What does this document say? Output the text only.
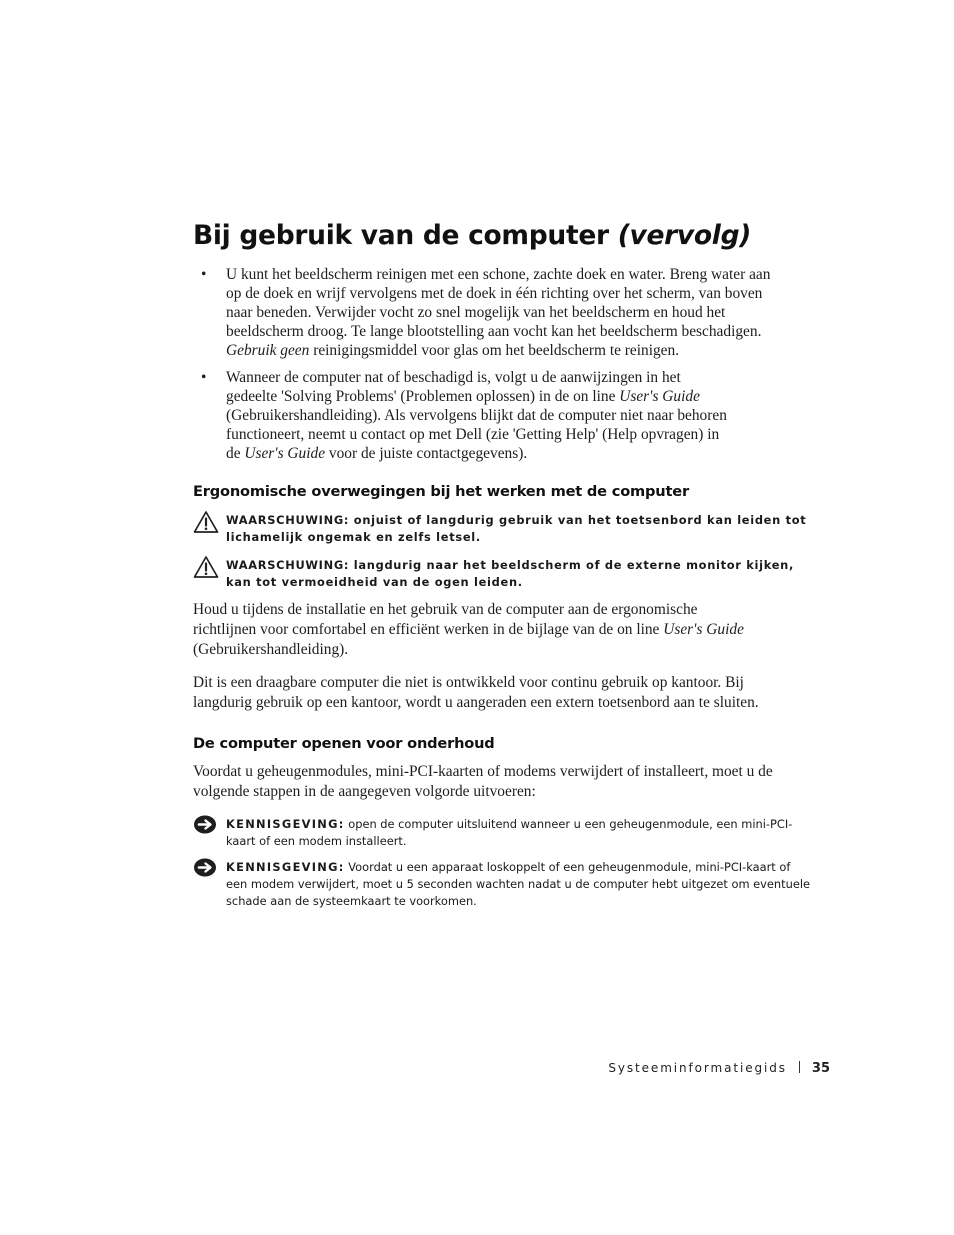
Bij gebruik van de computer (vervolg)
• U kunt het beeldscherm reinigen met een schone, zachte doek en water. Breng water aan
op de doek en wrijf vervolgens met de doek in één richting over het scherm, van boven
naar beneden. Verwijder vocht zo snel mogelijk van het beeldscherm en houd het
beeldscherm droog. Te lange blootstelling aan vocht kan het beeldscherm beschadigen.
Gebruik geen reinigingsmiddel voor glas om het beeldscherm te reinigen.
• Wanneer de computer nat of beschadigd is, volgt u de aanwijzingen in het
gedeelte 'Solving Problems' (Problemen oplossen) in de on line User's Guide
(Gebruikershandleiding). Als vervolgens blijkt dat de computer niet naar behoren
functioneert, neemt u contact op met Dell (zie 'Getting Help' (Help opvragen) in
de User's Guide voor de juiste contactgegevens).
Ergonomische overwegingen bij het werken met de computer
WAARSCHUWING: onjuist of langdurig gebruik van het toetsenbord kan leiden tot
lichamelijk ongemak en zelfs letsel.
WAARSCHUWING: langdurig naar het beeldscherm of de externe monitor kijken,
kan tot vermoeidheid van de ogen leiden.
Houd u tijdens de installatie en het gebruik van de computer aan de ergonomische
richtlijnen voor comfortabel en efficiënt werken in de bijlage van de on line User's Guide
(Gebruikershandleiding).
Dit is een draagbare computer die niet is ontwikkeld voor continu gebruik op kantoor. Bij
langdurig gebruik op een kantoor, wordt u aangeraden een extern toetsenbord aan te sluiten.
De computer openen voor onderhoud
Voordat u geheugenmodules, mini-PCI-kaarten of modems verwijdert of installeert, moet u de
volgende stappen in de aangegeven volgorde uitvoeren:
KENNISGEVING: open de computer uitsluitend wanneer u een geheugenmodule, een mini-PCI-
kaart of een modem installeert.
KENNISGEVING: Voordat u een apparaat loskoppelt of een geheugenmodule, mini-PCI-kaart of
een modem verwijdert, moet u 5 seconden wachten nadat u de computer hebt uitgezet om eventuele
schade aan de systeemkaart te voorkomen.
Systeeminformatiegids 35
